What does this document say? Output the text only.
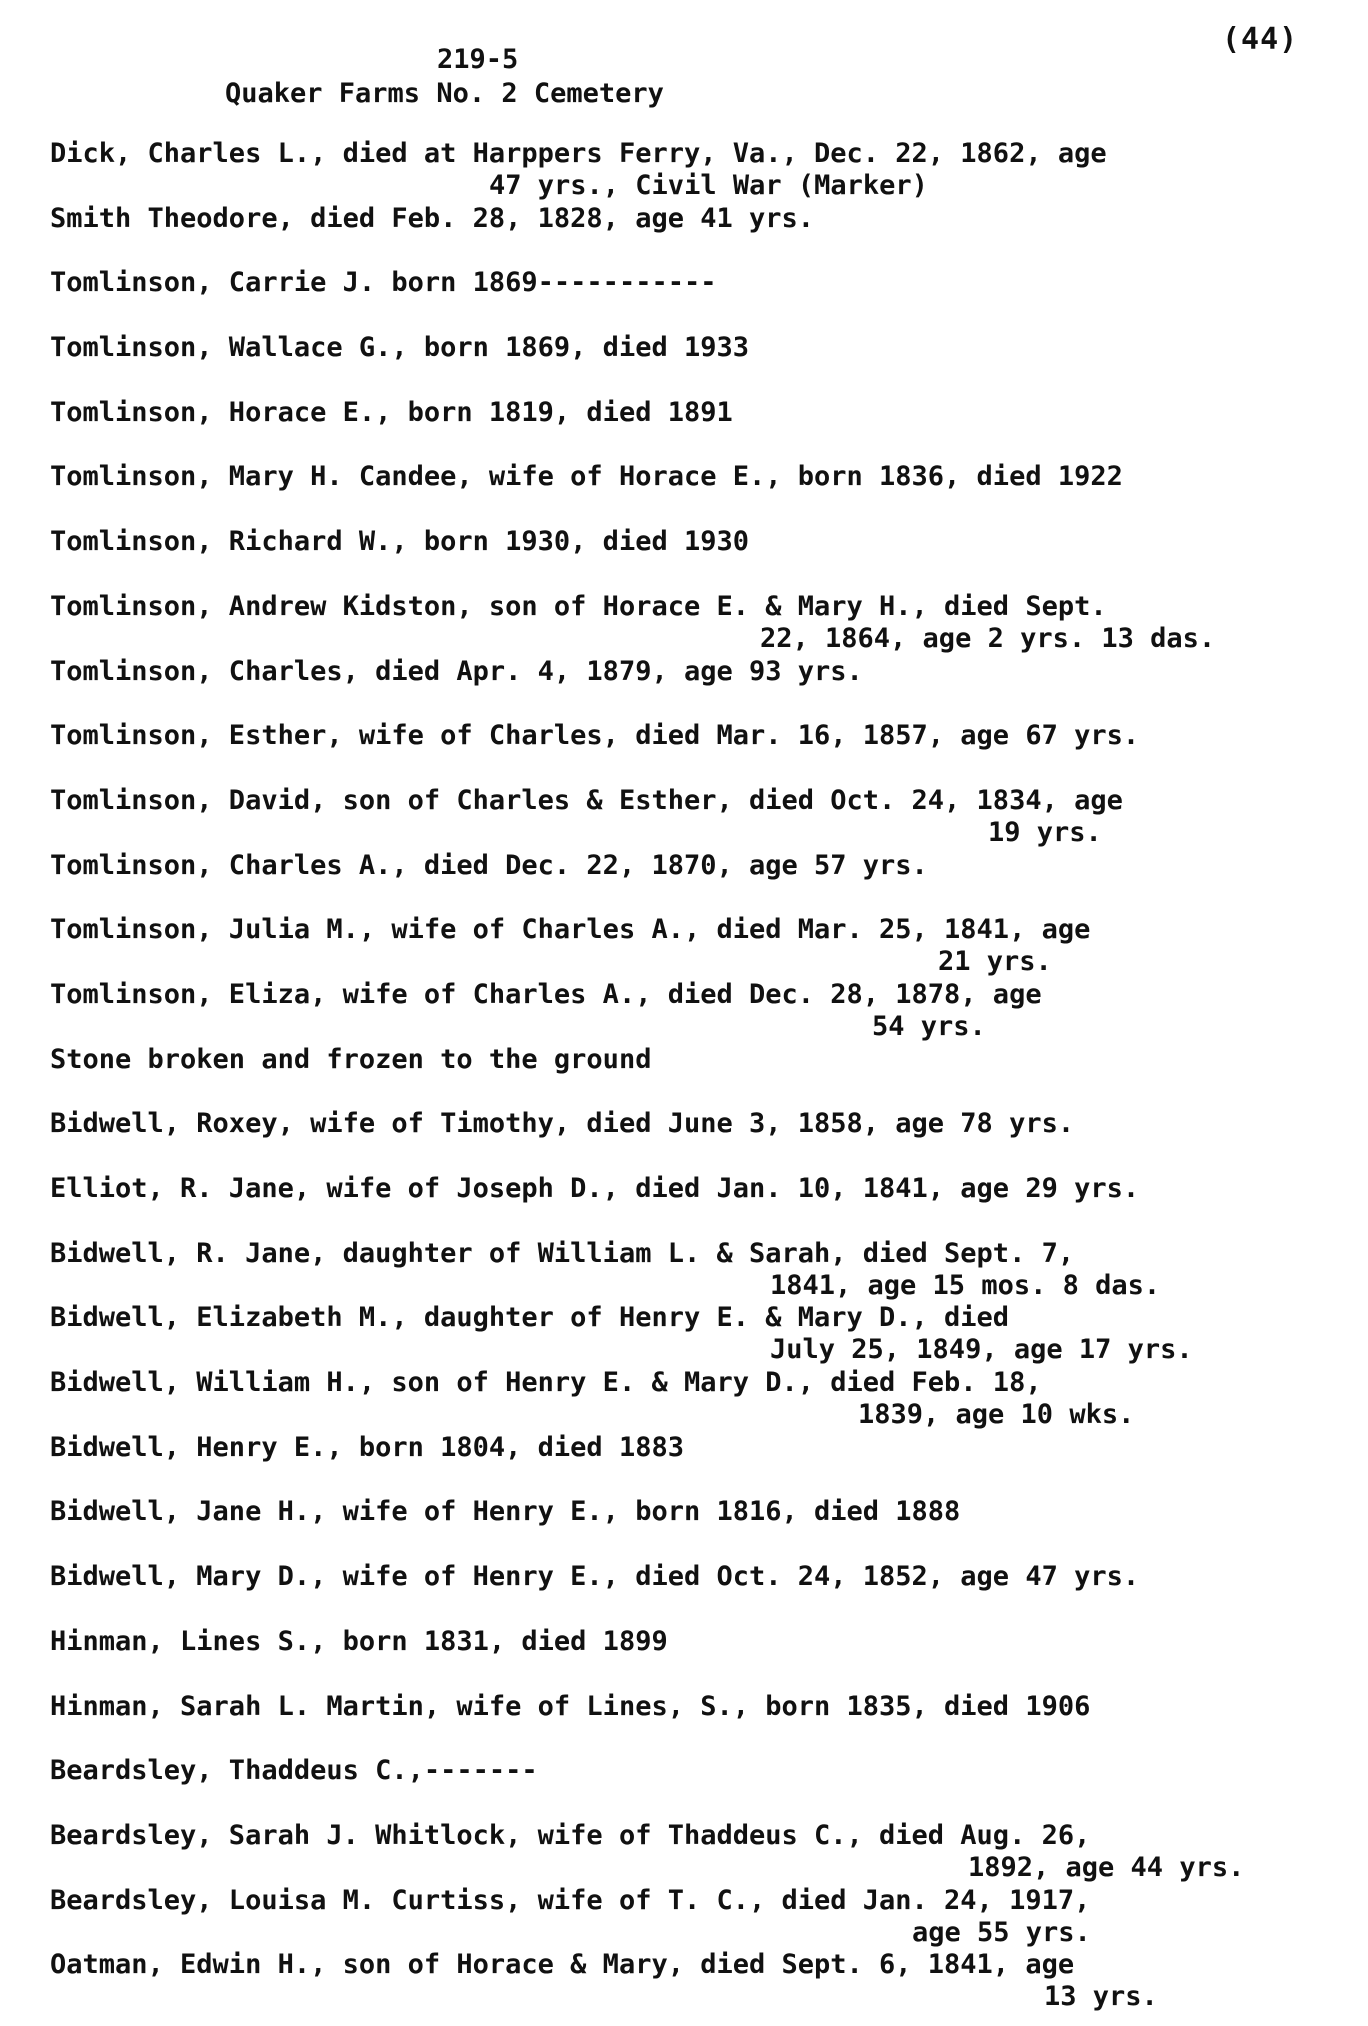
(44)
219-5
Quaker Farms No. 2 Cemetery
Dick, Charles L., died at Harppers Ferry, Va., Dec. 22, 1862, age
47 yrs., Civil War (Marker)
Smith Theodore, died Feb. 28, 1828, age 41 yrs.
Tomlinson, Carrie J. born 1869-----------
Tomlinson, Wallace G., born 1869, died 1933
Tomlinson, Horace E., born 1819, died 1891
Tomlinson, Mary H. Candee, wife of Horace E., born 1836, died 1922
Tomlinson, Richard W., born 1930, died 1930
Tomlinson, Andrew Kidston, son of Horace E. & Mary H., died Sept.
22, 1864, age 2 yrs. 13 das.
Tomlinson, Charles, died Apr. 4, 1879, age 93 yrs.
Tomlinson, Esther, wife of Charles, died Mar. 16, 1857, age 67 yrs.
Tomlinson, David, son of Charles & Esther, died Oct. 24, 1834, age
19 yrs.
Tomlinson, Charles A., died Dec. 22, 1870, age 57 yrs.
Tomlinson, Julia M., wife of Charles A., died Mar. 25, 1841, age
21 yrs.
Tomlinson, Eliza, wife of Charles A., died Dec. 28, 1878, age
54 yrs.
Stone broken and frozen to the ground
Bidwell, Roxey, wife of Timothy, died June 3, 1858, age 78 yrs.
Elliot, R. Jane, wife of Joseph D., died Jan. 10, 1841, age 29 yrs.
Bidwell, R. Jane, daughter of William L. & Sarah, died Sept. 7,
1841, age 15 mos. 8 das.
Bidwell, Elizabeth M., daughter of Henry E. & Mary D., died
July 25, 1849, age 17 yrs.
Bidwell, William H., son of Henry E. & Mary D., died Feb. 18,
1839, age 10 wks.
Bidwell, Henry E., born 1804, died 1883
Bidwell, Jane H., wife of Henry E., born 1816, died 1888
Bidwell, Mary D., wife of Henry E., died Oct. 24, 1852, age 47 yrs.
Hinman, Lines S., born 1831, died 1899
Hinman, Sarah L. Martin, wife of Lines, S., born 1835, died 1906
Beardsley, Thaddeus C.,-------
Beardsley, Sarah J. Whitlock, wife of Thaddeus C., died Aug. 26,
1892, age 44 yrs.
Beardsley, Louisa M. Curtiss, wife of T. C., died Jan. 24, 1917,
age 55 yrs.
Oatman, Edwin H., son of Horace & Mary, died Sept. 6, 1841, age
13 yrs.
